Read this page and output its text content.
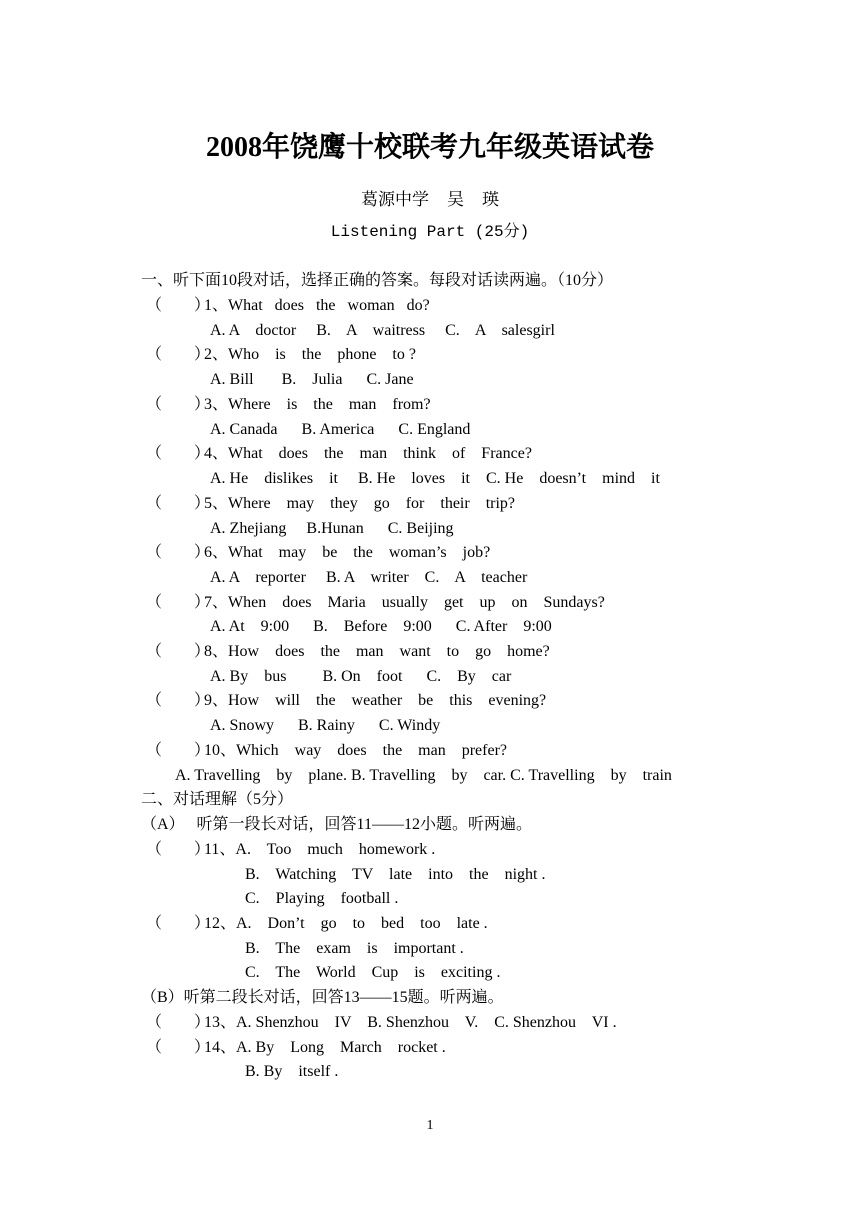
2008年饶鹰十校联考九年级英语试卷
葛源中学 吴 瑛
Listening Part (25分)
一、听下面10段对话，选择正确的答案。每段对话读两遍。（10分）
（        ）1、What   does   the   woman   do?
A. A    doctor     B.    A    waitress     C.    A    salesgirl
（        ）2、Who    is    the    phone    to ?
A. Bill       B.    Julia      C. Jane
（        ）3、Where    is    the    man    from?
A. Canada      B. America      C. England
（        ）4、What    does    the    man    think    of    France?
A. He    dislikes    it     B. He    loves    it    C. He    doesn’t    mind    it
（        ）5、Where    may    they    go    for    their    trip?
A. Zhejiang     B.Hunan      C. Beijing
（        ）6、What    may    be    the    woman’s    job?
A. A    reporter     B. A    writer    C.    A    teacher
（        ）7、When    does    Maria    usually    get    up    on    Sundays?
A. At    9:00      B.    Before    9:00      C. After    9:00
（        ）8、How    does    the    man    want    to    go    home?
A. By    bus         B. On    foot      C.    By    car
（        ）9、How    will    the    weather    be    this    evening?
A. Snowy      B. Rainy      C. Windy
（        ）10、Which    way    does    the    man    prefer?
A. Travelling    by    plane. B. Travelling    by    car. C. Travelling    by    train
二、对话理解（5分）
（A）   听第一段长对话，回答11——12小题。听两遍。
（        ）11、A.    Too    much    homework .
B.    Watching    TV    late    into    the    night .
C.    Playing    football .
（        ）12、A.    Don’t    go    to    bed    too    late .
B.    The    exam    is    important .
C.    The    World    Cup    is    exciting .
（B）听第二段长对话，回答13——15题。听两遍。
（        ）13、A. Shenzhou    IV    B. Shenzhou    V.    C. Shenzhou    VI .
（        ）14、A. By    Long    March    rocket .
B. By    itself .
1
